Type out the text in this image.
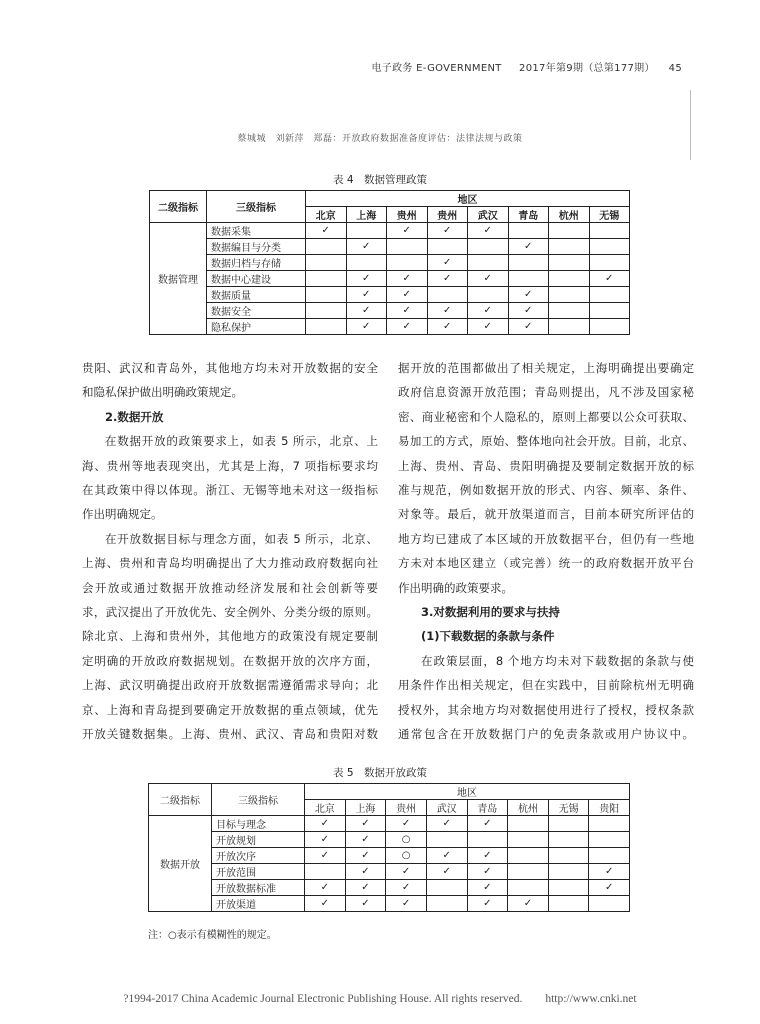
电子政务 E-GOVERNMENT 2017年第9期（总第177期） 45
蔡城城　刘新萍　郑磊：开放政府数据准备度评估：法律法规与政策
表 4　数据管理政策
二级指标	三级指标	地区							
		北京	上海	贵州	贵州	武汉	青岛	杭州	无锡
数据管理	数据采集	✓		✓	✓	✓			
	数据编目与分类		✓				✓		
	数据归档与存储				✓				
	数据中心建设		✓	✓	✓	✓			✓
	数据质量		✓	✓			✓		
	数据安全		✓	✓	✓	✓	✓		
	隐私保护		✓	✓	✓	✓	✓		

贵阳、武汉和青岛外，其他地方均未对开放数据的安全

和隐私保护做出明确政策规定。

2.数据开放

在数据开放的政策要求上，如表 5 所示，北京、上

海、贵州等地表现突出，尤其是上海，7 项指标要求均

在其政策中得以体现。浙江、无锡等地未对这一级指标

作出明确规定。

在开放数据目标与理念方面，如表 5 所示，北京、

上海、贵州和青岛均明确提出了大力推动政府数据向社

会开放或通过数据开放推动经济发展和社会创新等要

求，武汉提出了开放优先、安全例外、分类分级的原则。

除北京、上海和贵州外，其他地方的政策没有规定要制

定明确的开放政府数据规划。在数据开放的次序方面，

上海、武汉明确提出政府开放数据需遵循需求导向；北

京、上海和青岛提到要确定开放数据的重点领域，优先

开放关键数据集。上海、贵州、武汉、青岛和贵阳对数

据开放的范围都做出了相关规定，上海明确提出要确定

政府信息资源开放范围；青岛则提出，凡不涉及国家秘

密、商业秘密和个人隐私的，原则上都要以公众可获取、

易加工的方式，原始、整体地向社会开放。目前，北京、

上海、贵州、青岛、贵阳明确提及要制定数据开放的标

准与规范，例如数据开放的形式、内容、频率、条件、

对象等。最后，就开放渠道而言，目前本研究所评估的

地方均已建成了本区域的开放数据平台，但仍有一些地

方未对本地区建立（或完善）统一的政府数据开放平台

作出明确的政策要求。

3.对数据利用的要求与扶持

(1)下载数据的条款与条件

在政策层面，8 个地方均未对下载数据的条款与使

用条件作出相关规定，但在实践中，目前除杭州无明确

授权外，其余地方均对数据使用进行了授权，授权条款

通常包含在开放数据门户的免责条款或用户协议中。

表 5　数据开放政策
二级指标	三级指标	地区							
		北京	上海	贵州	武汉	青岛	杭州	无锡	贵阳
数据开放	目标与理念	✓	✓	✓	✓	✓			
	开放规划	✓	✓	○					
	开放次序	✓	✓	○	✓	✓			
	开放范围		✓	✓	✓	✓			✓
	开放数据标准	✓	✓	✓		✓			✓
	开放渠道	✓	✓	✓		✓	✓		
注：○表示有模糊性的规定。
?1994-2017 China Academic Journal Electronic Publishing House. All rights reserved.　　http://www.cnki.net
